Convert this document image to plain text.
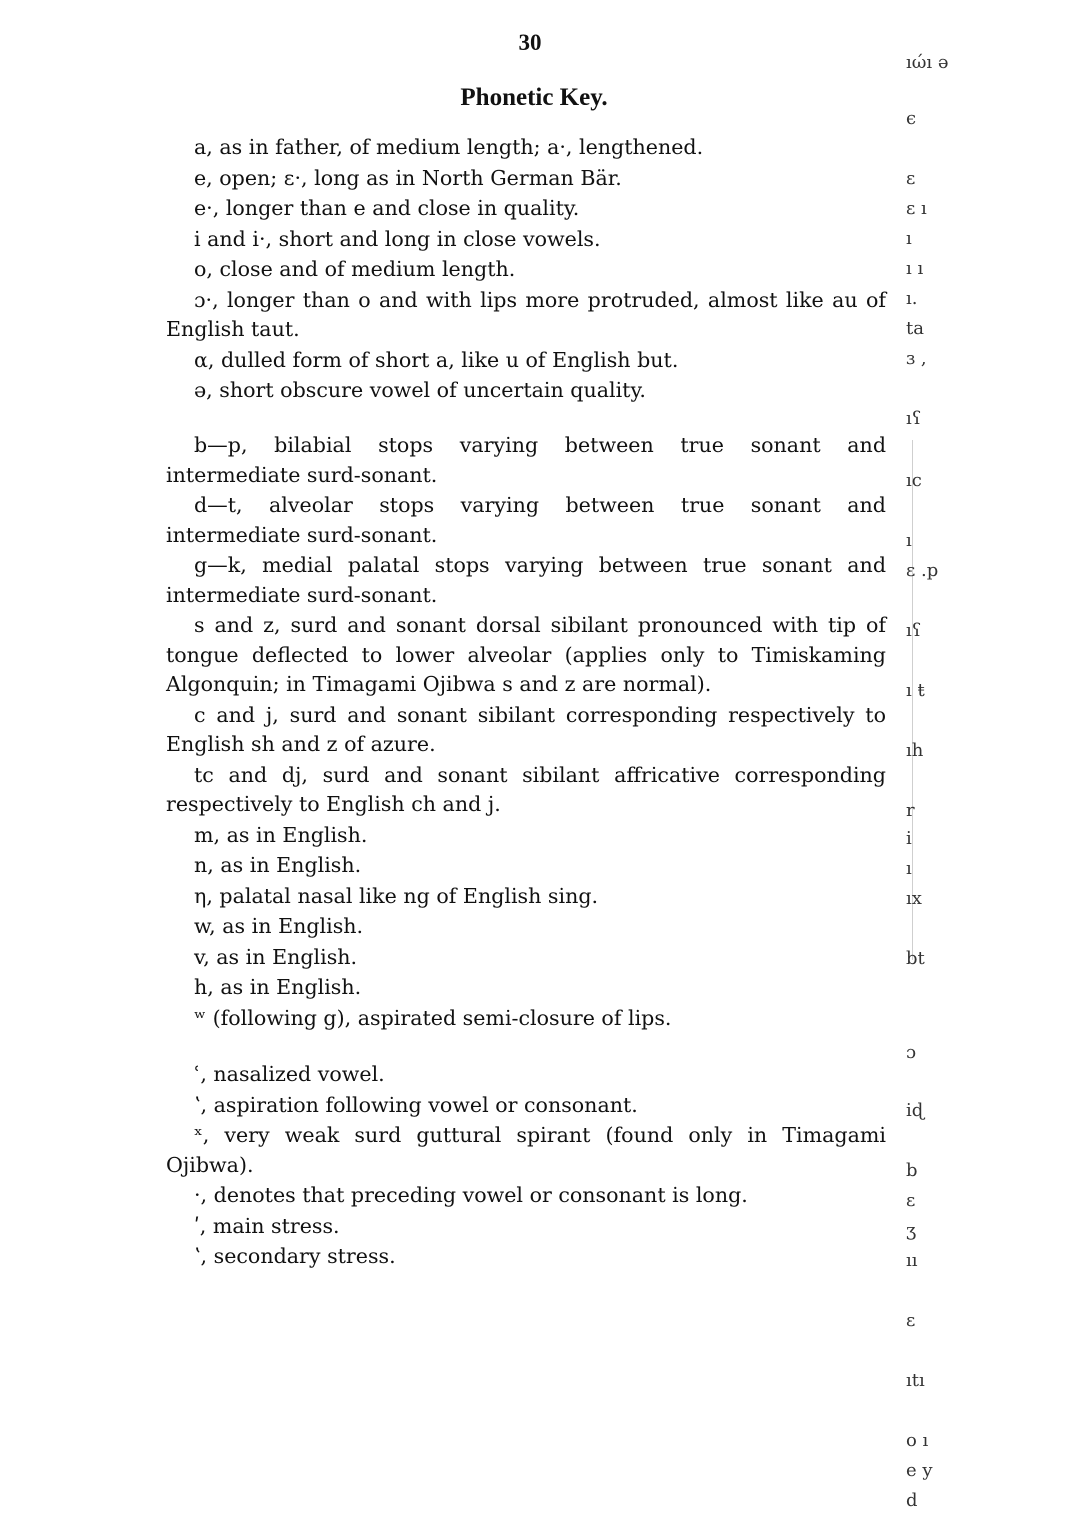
30
Phonetic Key.

a, as in father, of medium length; a·, lengthened.

e, open; ε·, long as in North German Bär.

e·, longer than e and close in quality.

i and i·, short and long in close vowels.

o, close and of medium length.

ɔ·, longer than o and with lips more protruded, almost like au of English taut.

α, dulled form of short a, like u of English but.

ə, short obscure vowel of uncertain quality.

b—p, bilabial stops varying between true sonant and intermediate surd-sonant.

d—t, alveolar stops varying between true sonant and intermediate surd-sonant.

g—k, medial palatal stops varying between true sonant and intermediate surd-sonant.

s and z, surd and sonant dorsal sibilant pronounced with tip of tongue deflected to lower alveolar (applies only to Timiskaming Algonquin; in Timagami Ojibwa s and z are normal).

c and j, surd and sonant sibilant corresponding respectively to English sh and z of azure.

tc and dj, surd and sonant sibilant affricative corresponding respectively to English ch and j.

m, as in English.

n, as in English.

η, palatal nasal like ng of English sing.

w, as in English.

v, as in English.

h, as in English.

ʷ (following g), aspirated semi-closure of lips.

ʿ, nasalized vowel.

ʽ, aspiration following vowel or consonant.

ˣ, very weak surd guttural spirant (found only in Timagami Ojibwa).

·, denotes that preceding vowel or consonant is long.

ʹ, main stress.

ʽ, secondary stress.

ıώı ə
є
ɛ
ɛ ı
ı
ı ı
ı.
ta
ɜ ,
ıʕ
ıc
ı
ɛ .p
ıʕ
ı ŧ
ıh
r
i
ı
ıx
bt
ɔ
iɖ
b
ɛ
ʒ
ıı
ɛ
ıtı
o ı
e y
d
